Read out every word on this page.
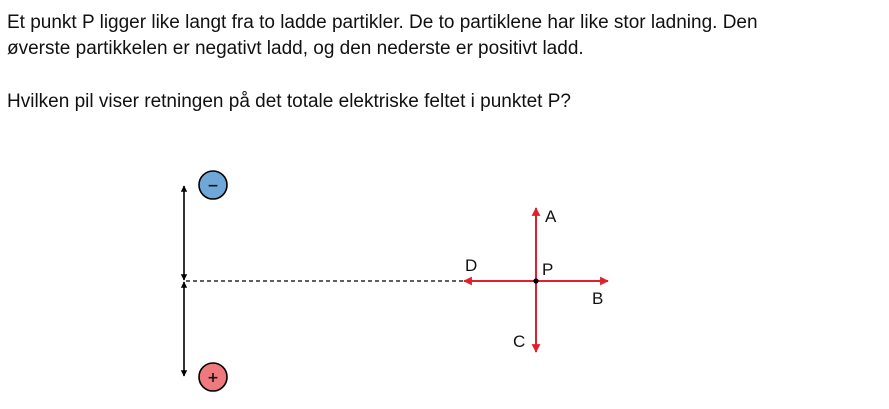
Et punkt P ligger like langt fra to ladde partikler. De to partiklene har like stor ladning. Den
øverste partikkelen er negativt ladd, og den nederste er positivt ladd.
Hvilken pil viser retningen på det totale elektriske feltet i punktet P?
−
+
A
B
C
D	P
